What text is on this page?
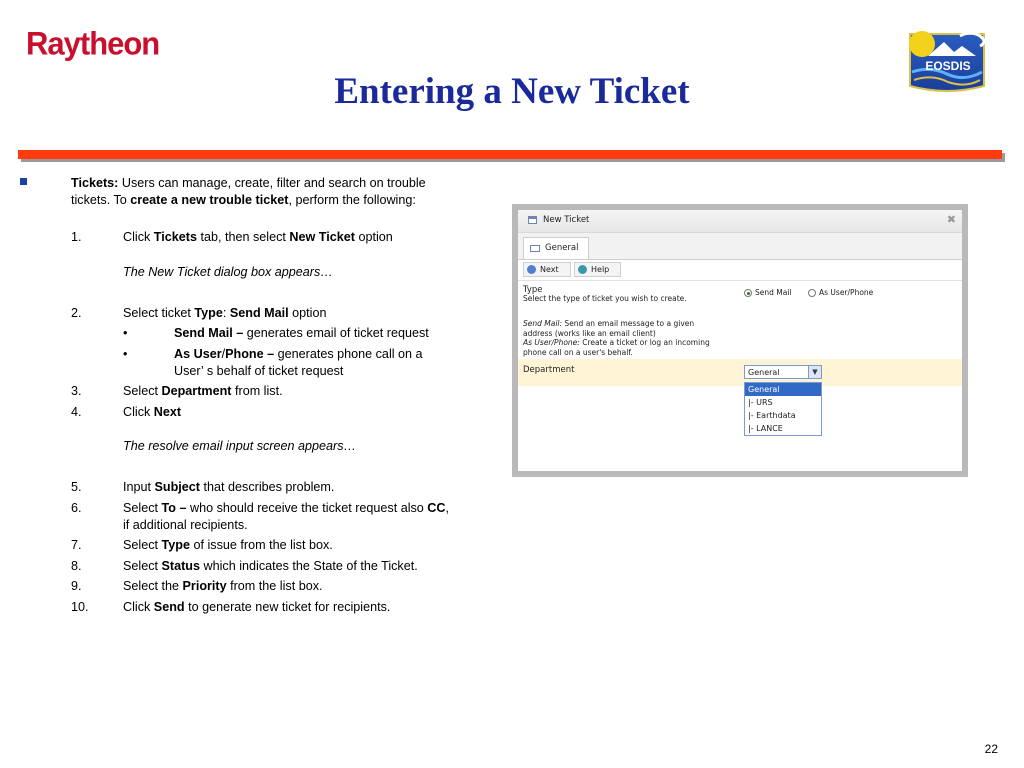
Raytheon
Entering a New Ticket
EOSDIS
Tickets: Users can manage, create, filter and search on trouble
tickets. To create a new trouble ticket, perform the following:
1.	Click Tickets tab, then select New Ticket option
The New Ticket dialog box appears…
2.	Select ticket Type: Send Mail option
•	Send Mail – generates email of ticket request
•	As User/Phone – generates phone call on a
User’ s behalf of ticket request
3.	Select Department from list.
4.	Click Next
The resolve email input screen appears…
5.	Input Subject that describes problem.
6.	Select To – who should receive the ticket request also CC,
if additional recipients.
7.	Select Type of issue from the list box.
8.	Select Status which indicates the State of the Ticket.
9.	Select the Priority from the list box.
10.	Click Send to generate new ticket for recipients.
New Ticket	✖
General
Next	Help
Type
Select the type of ticket you wish to create.
Send Mail	As User/Phone
Send Mail: Send an email message to a given
address (works like an email client)
As User/Phone: Create a ticket or log an incoming
phone call on a user's behalf.
Department	General	▼
General
|- URS
|- Earthdata
|- LANCE
22
